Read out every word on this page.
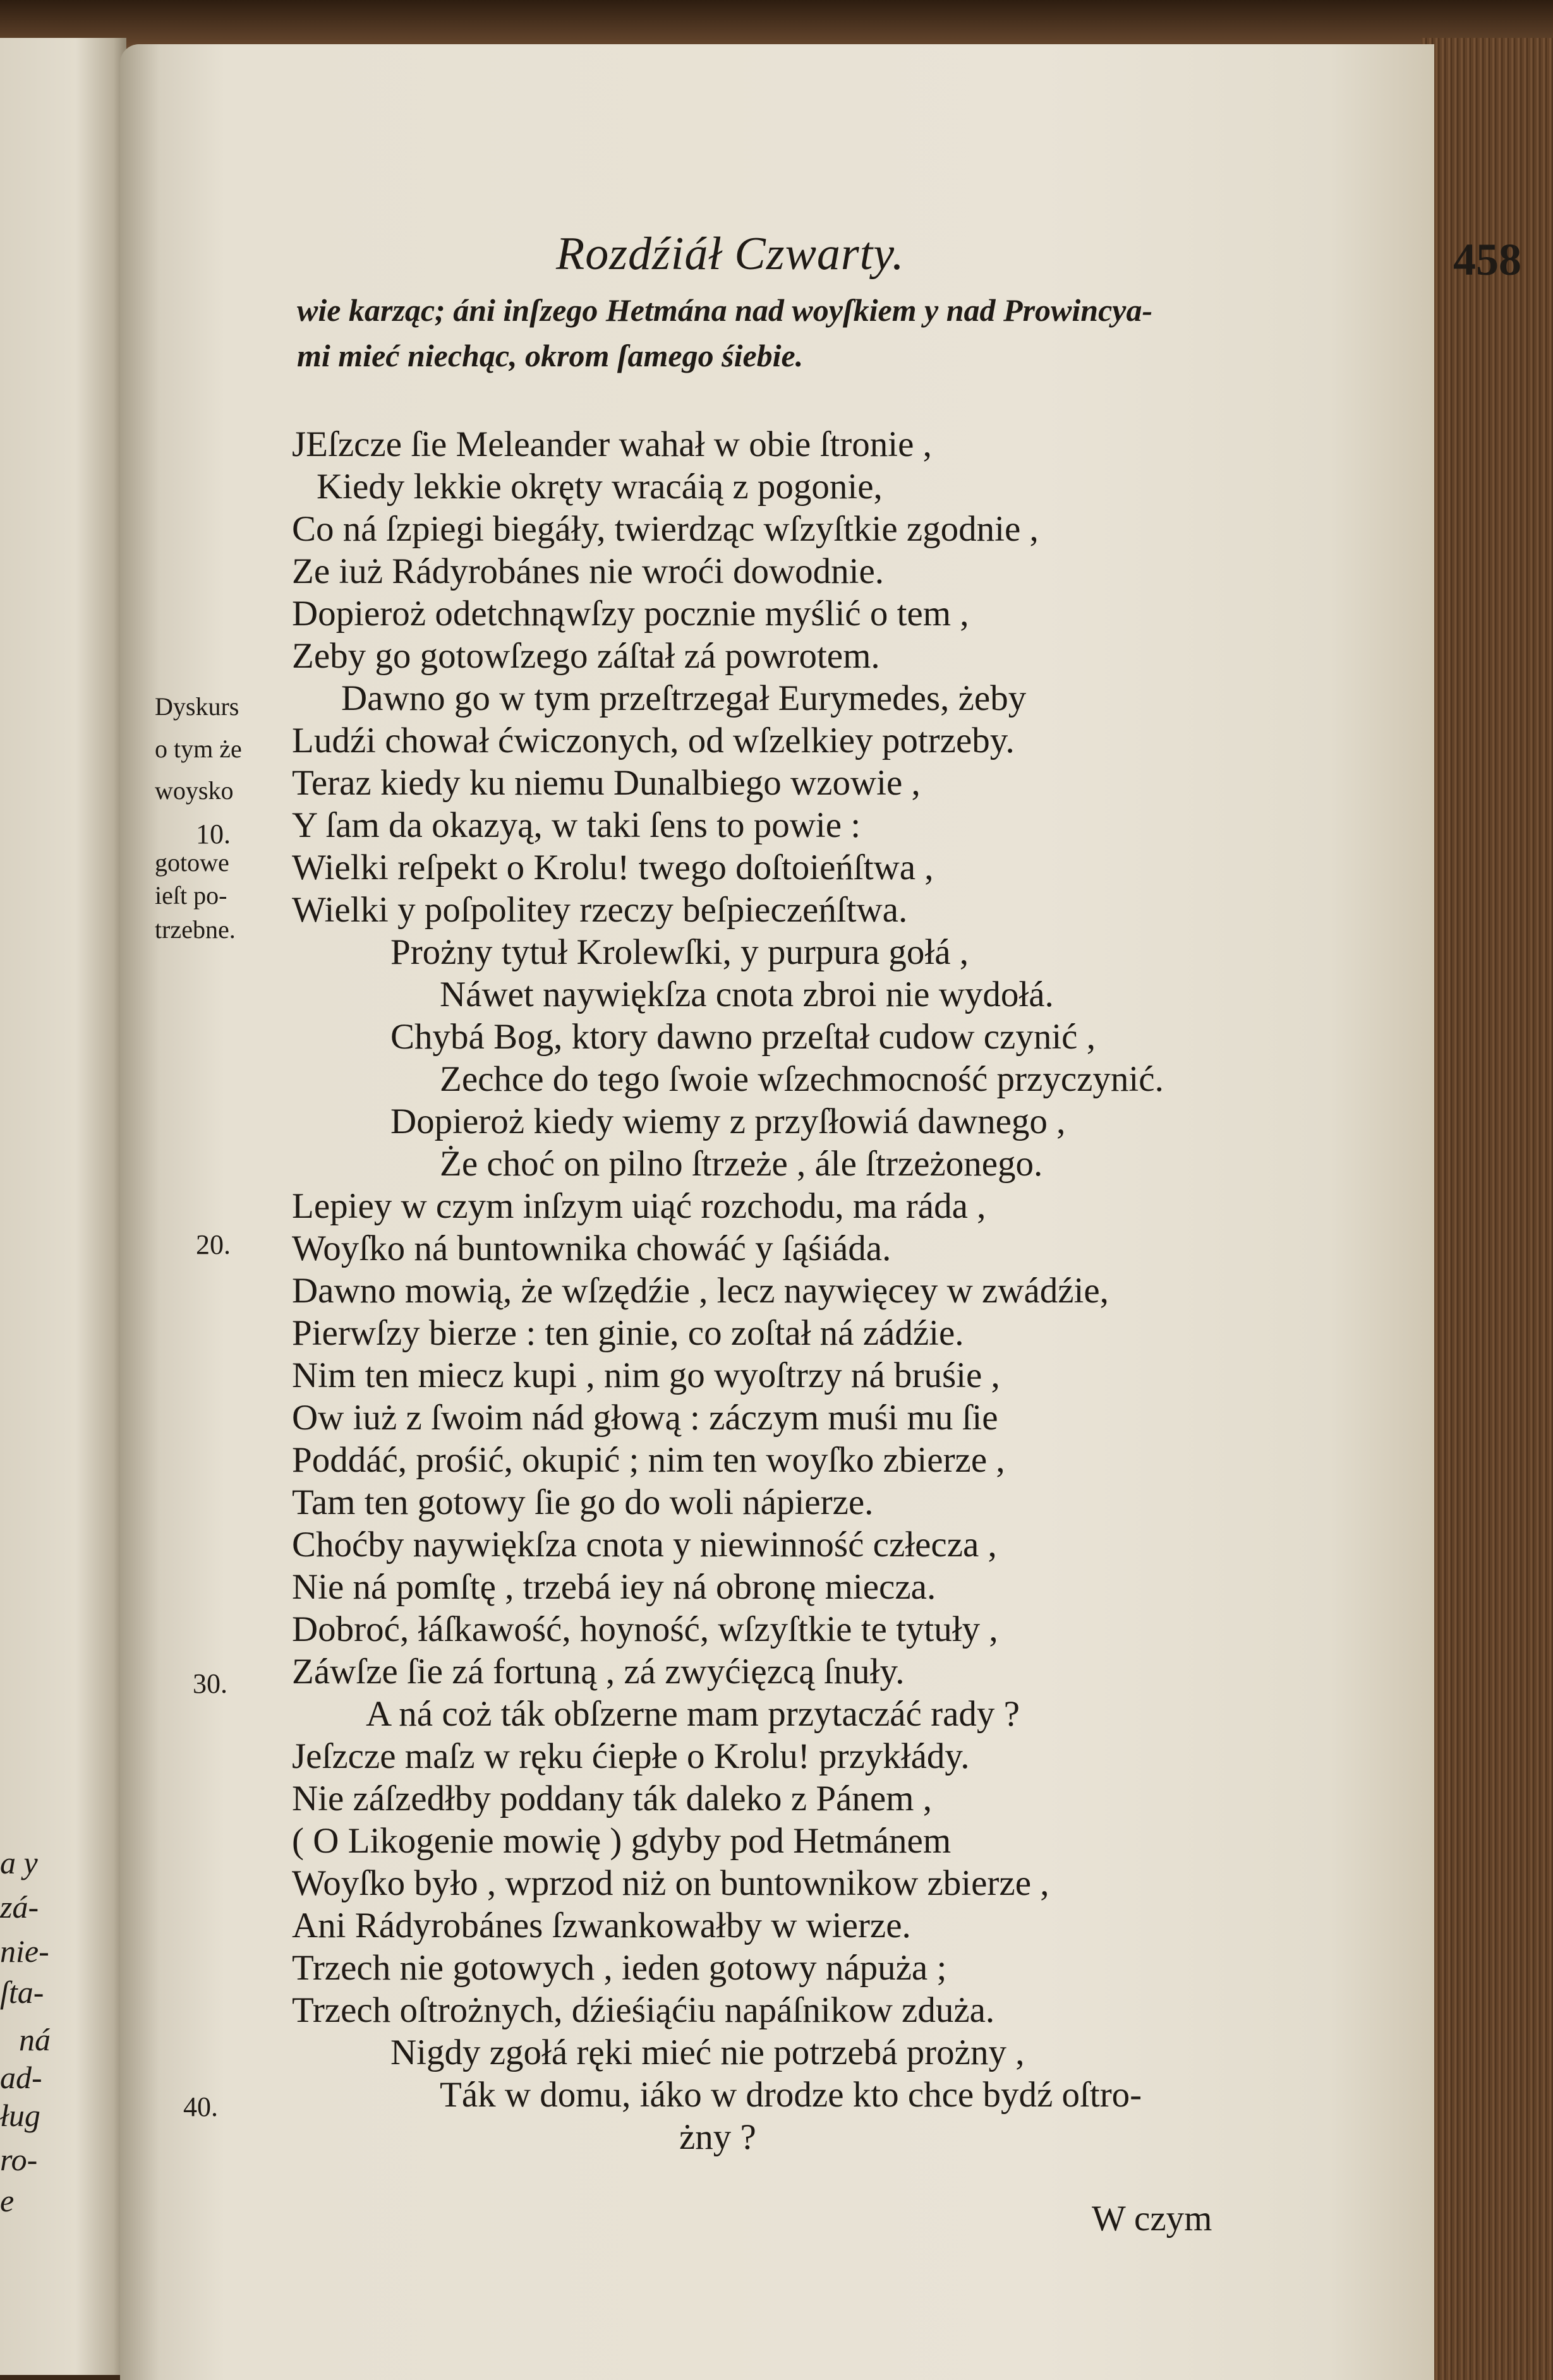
Rozdźiáł Czwarty.	458
wie karząc; áni inſzego Hetmána nad woyſkiem y nad Prowincya-
mi mieć niechąc, okrom ſamego śiebie.
JEſzcze ſie Meleander wahał w obie ſtronie ,
Kiedy lekkie okręty wracáią z pogonie,
Co ná ſzpiegi biegáły, twierdząc wſzyſtkie zgodnie ,
Ze iuż Rádyrobánes nie wroći dowodnie.
Dopieroż odetchnąwſzy pocznie myślić o tem ,
Zeby go gotowſzego záſtał zá powrotem.
Dawno go w tym przeſtrzegał Eurymedes, żeby
Ludźi chował ćwiczonych, od wſzelkiey potrzeby.
Teraz kiedy ku niemu Dunalbiego wzowie ,
Y ſam da okazyą, w taki ſens to powie :
Wielki reſpekt o Krolu! twego doſtoieńſtwa ,
Wielki y poſpolitey rzeczy beſpieczeńſtwa.
Prożny tytuł Krolewſki, y purpura gołá ,
Náwet naywiękſza cnota zbroi nie wydołá.
Chybá Bog, ktory dawno przeſtał cudow czynić ,
Zechce do tego ſwoie wſzechmocność przyczynić.
Dopieroż kiedy wiemy z przyſłowiá dawnego ,
Że choć on pilno ſtrzeże , ále ſtrzeżonego.
Lepiey w czym inſzym uiąć rozchodu, ma ráda ,
Woyſko ná buntownika chowáć y ſąśiáda.
Dawno mowią, że wſzędźie , lecz naywięcey w zwádźie,
Pierwſzy bierze : ten ginie, co zoſtał ná zádźie.
Nim ten miecz kupi , nim go wyoſtrzy ná bruśie ,
Ow iuż z ſwoim nád głową : záczym muśi mu ſie
Poddáć, prośić, okupić ; nim ten woyſko zbierze ,
Tam ten gotowy ſie go do woli nápierze.
Choćby naywiękſza cnota y niewinność człecza ,
Nie ná pomſtę , trzebá iey ná obronę miecza.
Dobroć, łáſkawość, hoyność, wſzyſtkie te tytuły ,
Záwſze ſie zá fortuną , zá zwyćięzcą ſnuły.
A ná coż ták obſzerne mam przytaczáć rady ?
Jeſzcze maſz w ręku ćiepłe o Krolu! przykłády.
Nie záſzedłby poddany ták daleko z Pánem ,
( O Likogenie mowię ) gdyby pod Hetmánem
Woyſko było , wprzod niż on buntownikow zbierze ,
Ani Rádyrobánes ſzwankowałby w wierze.
Trzech nie gotowych , ieden gotowy nápuża ;
Trzech oſtrożnych, dźieśiąćiu napáſnikow zduża.
Nigdy zgołá ręki mieć nie potrzebá prożny ,
Ták w domu, iáko w drodze kto chce bydź oſtro-
żny ?
Dyskurs
o tym że
woysko
gotowe
ieſt po-
trzebne.
10.
20.
30.
40.
a y
zá-
nie-
ſta-
ná
ad-
ług
ro-
e	W czym
